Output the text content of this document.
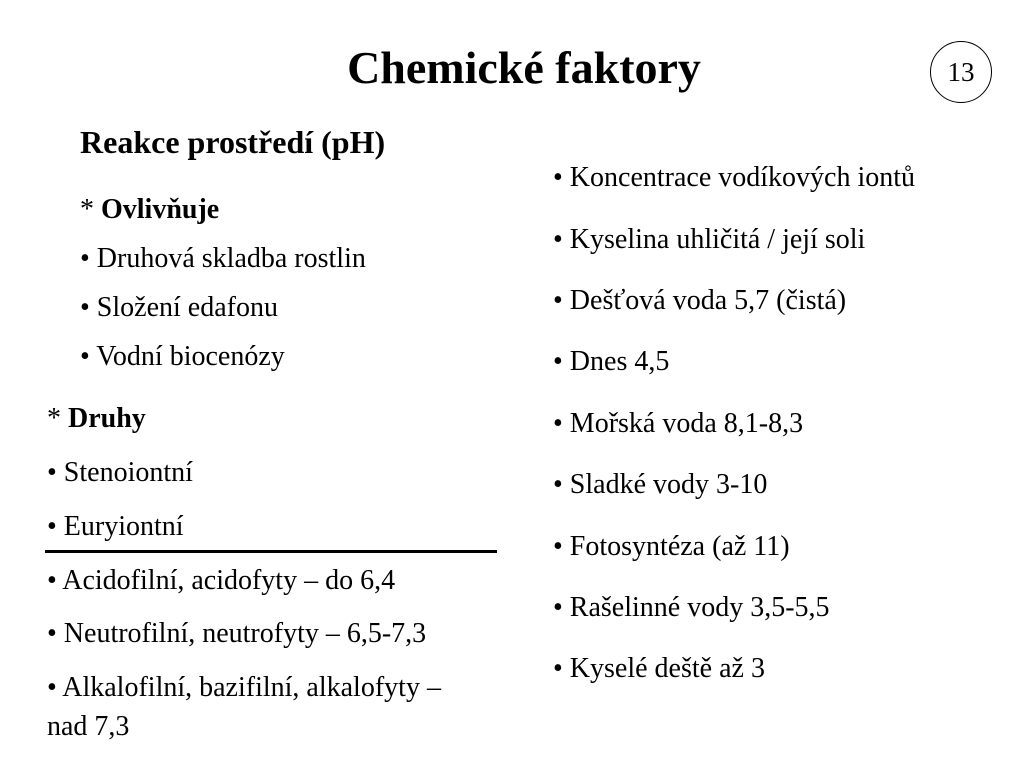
Chemické faktory	13
Reakce prostředí (pH)
* Ovlivňuje
• Druhová skladba rostlin
• Složení edafonu
• Vodní biocenózy
* Druhy
• Stenoiontní
• Euryiontní
• Acidofilní, acidofyty – do 6,4
• Neutrofilní, neutrofyty – 6,5-7,3
• Alkalofilní, bazifilní, alkalofyty –
nad 7,3
• Koncentrace vodíkových iontů
• Kyselina uhličitá / její soli
• Dešťová voda 5,7 (čistá)
• Dnes 4,5
• Mořská voda 8,1-8,3
• Sladké vody 3-10
• Fotosyntéza (až 11)
• Rašelinné vody 3,5-5,5
• Kyselé deště až 3
